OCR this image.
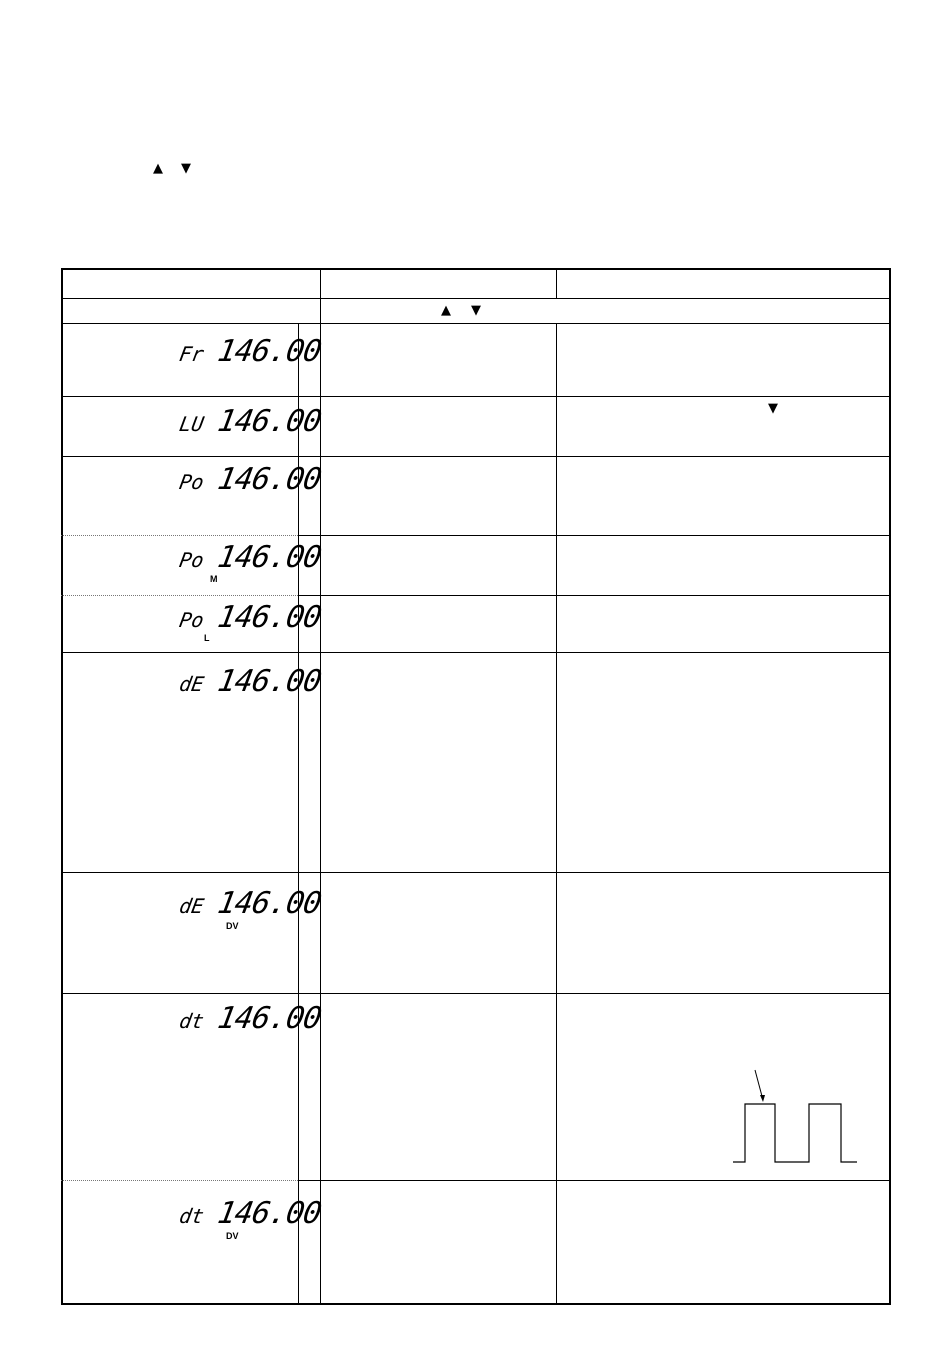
▲ ▼
▲ ▼
Fr 146.00
LU 146.00	▼
Po 146.00
Po 146.00
M
Po 146.00
L
dE 146.00
dE 146.00
DV
dt 146.00
dt 146.00
DV
